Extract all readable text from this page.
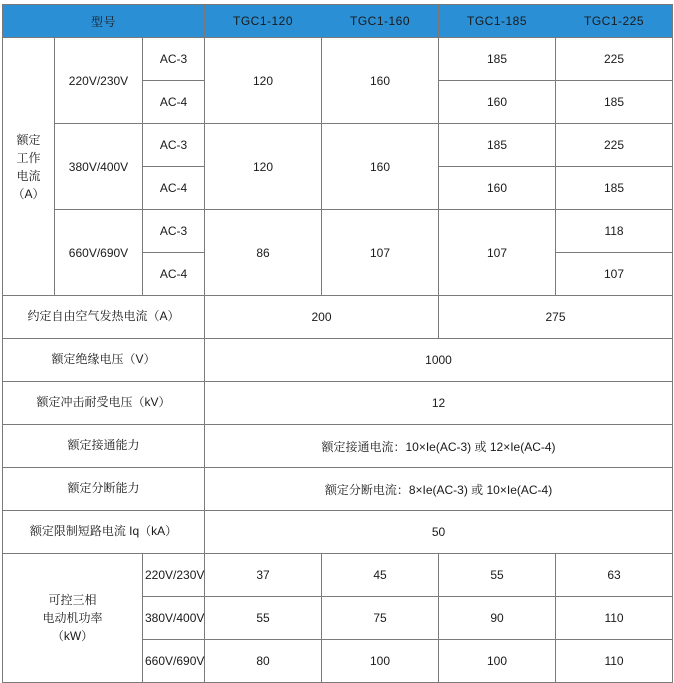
型号			TGC1-120	TGC1-160	TGC1-185	TGC1-225

额定
工作
电流
（A）	220V/230V	AC-3	120	160	185	225
		AC-4			160	185
	380V/400V	AC-3	120	160	185	225
		AC-4			160	185
	660V/690V	AC-3	86	107	107	118
		AC-4				107
约定自由空气发热电流（A）			200		275	
额定绝缘电压（V）			1000			
额定冲击耐受电压（kV）			12			
额定接通能力			额定接通电流：10×Ie(AC-3) 或 12×Ie(AC-4)			
额定分断能力			额定分断电流：8×Ie(AC-3) 或 10×Ie(AC-4)			
额定限制短路电流 Iq（kA）			50			

可控三相
电动机功率
（kW）		220V/230V	37	45	55	63
		380V/400V	55	75	90	110
		660V/690V	80	100	100	110
